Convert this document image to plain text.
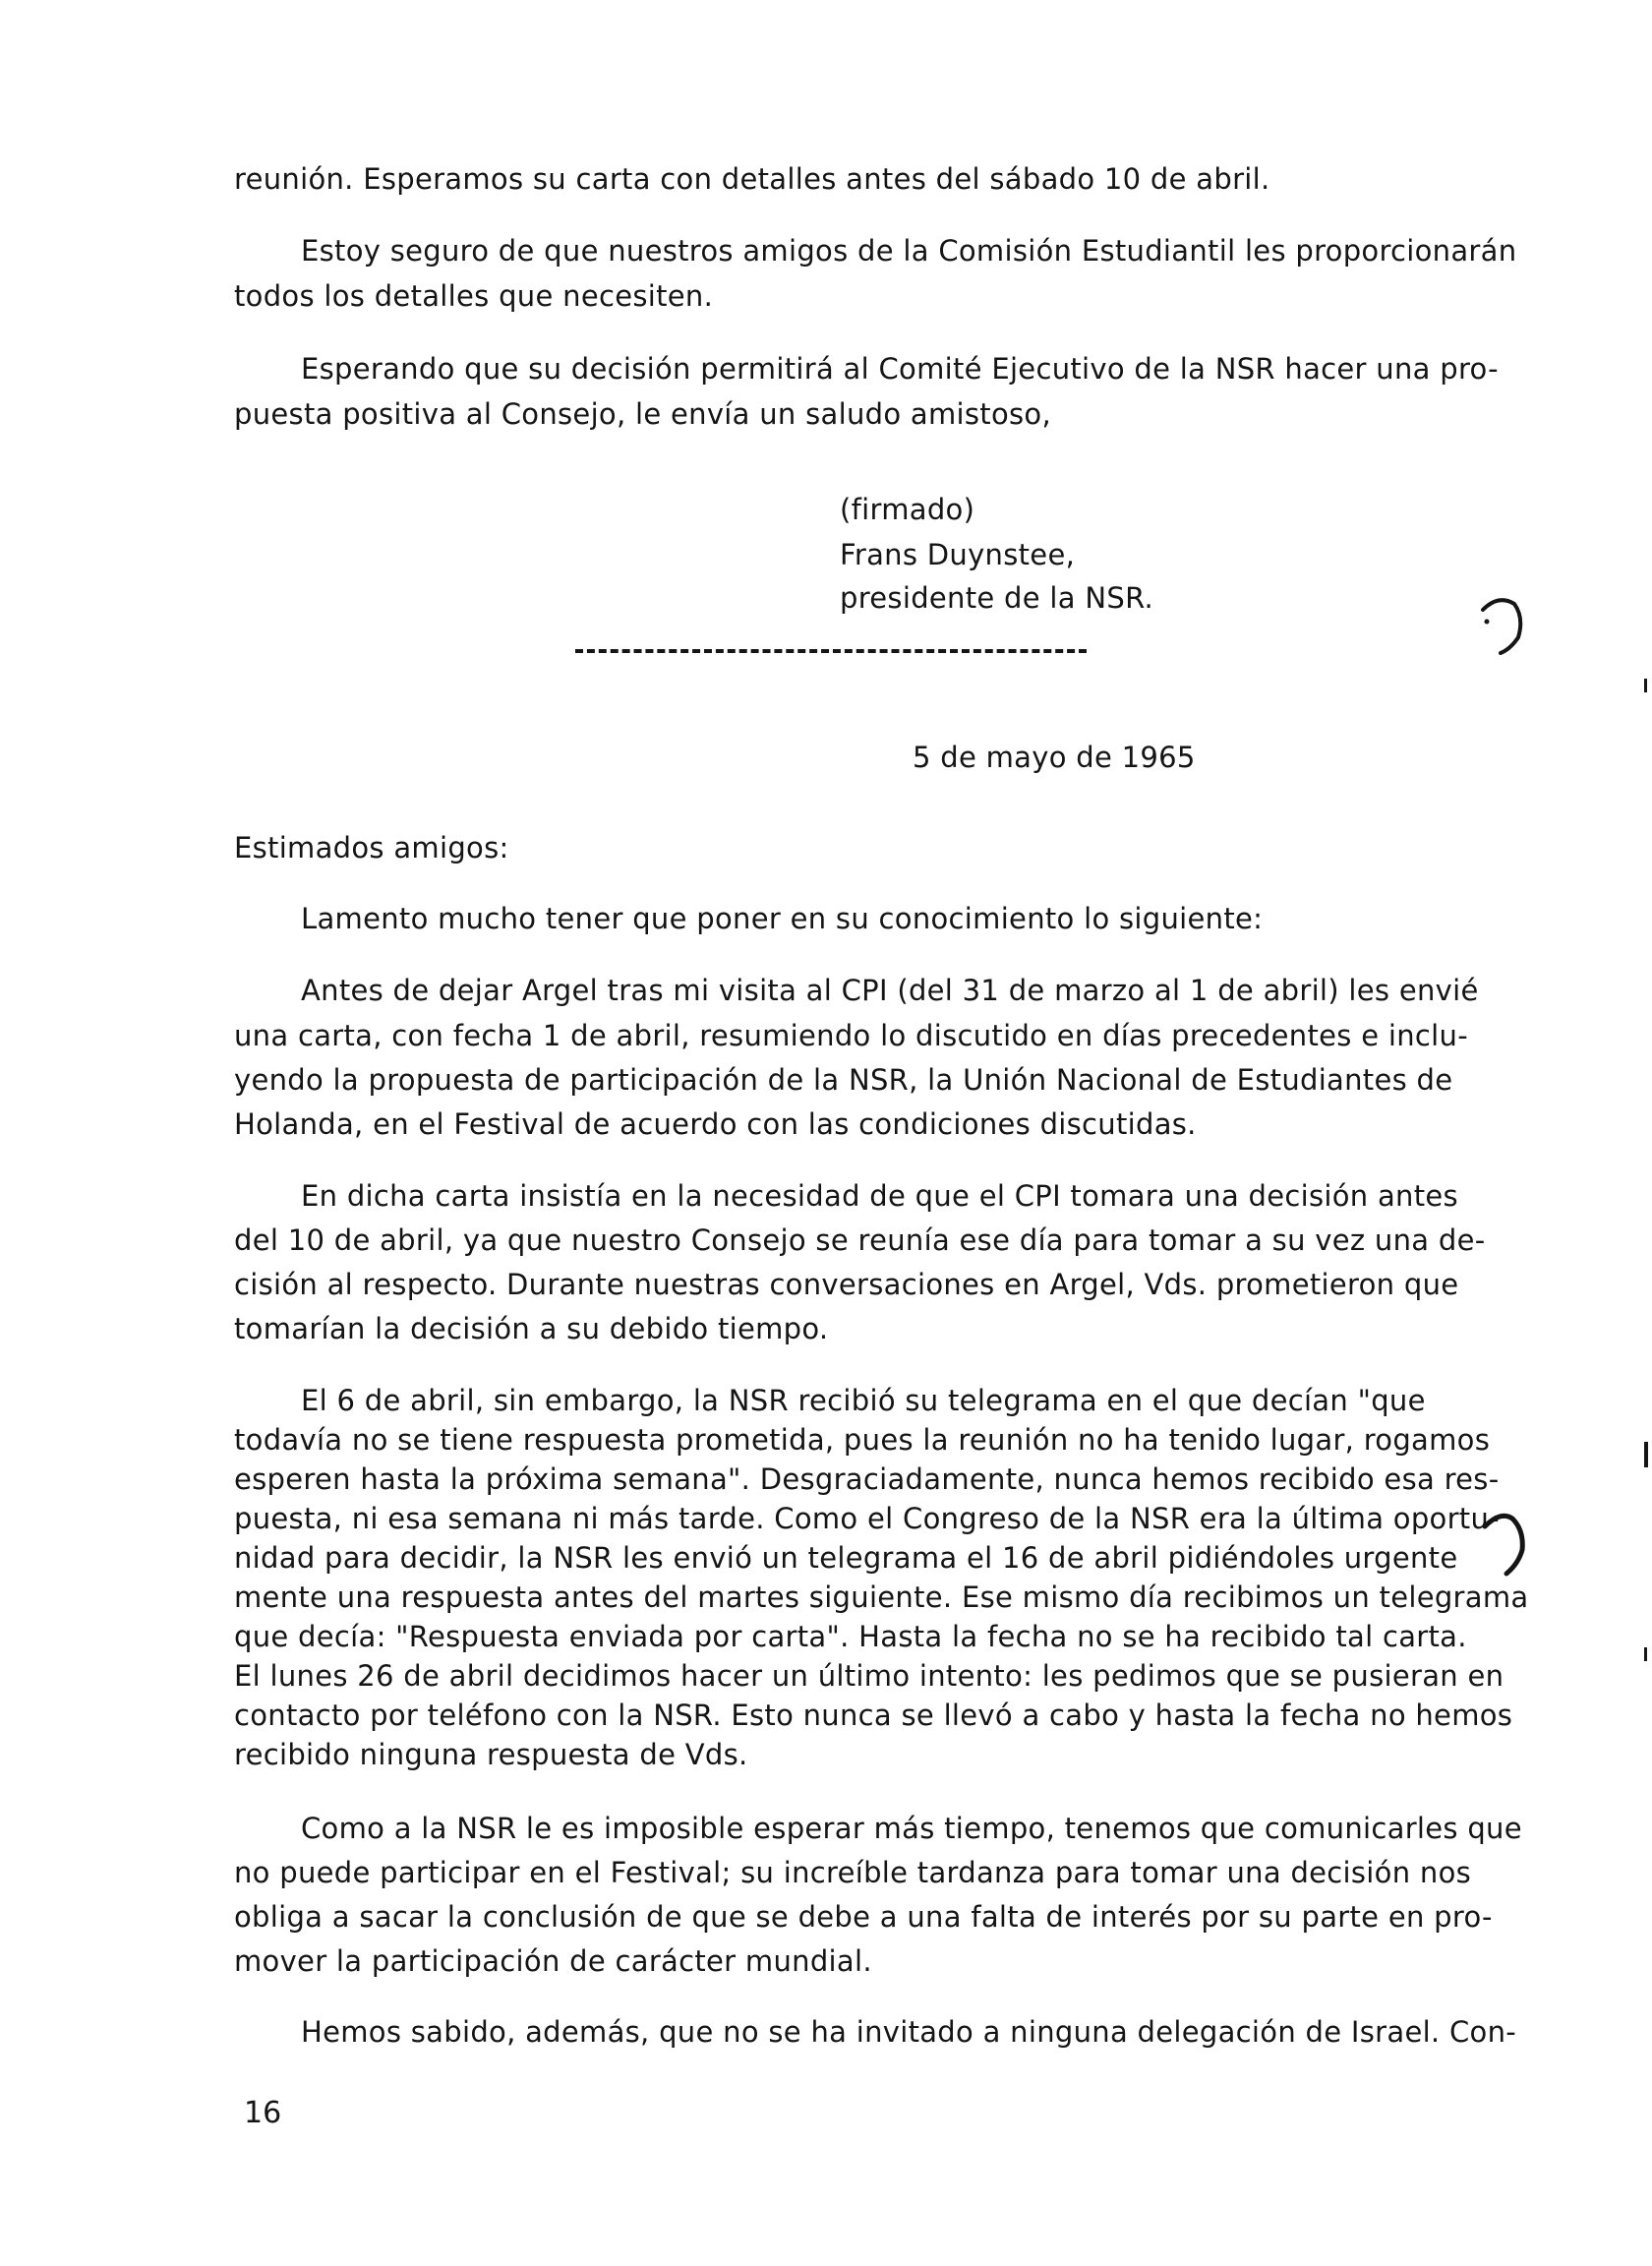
reunión. Esperamos su carta con detalles antes del sábado 10 de abril.
Estoy seguro de que nuestros amigos de la Comisión Estudiantil les proporcionarán
todos los detalles que necesiten.
Esperando que su decisión permitirá al Comité Ejecutivo de la NSR hacer una pro-
puesta positiva al Consejo, le envía un saludo amistoso,
(firmado)
Frans Duynstee,
presidente de la NSR.
5 de mayo de 1965
Estimados amigos:
Lamento mucho tener que poner en su conocimiento lo siguiente:
Antes de dejar Argel tras mi visita al CPI (del 31 de marzo al 1 de abril) les envié
una carta, con fecha 1 de abril, resumiendo lo discutido en días precedentes e inclu-
yendo la propuesta de participación de la NSR, la Unión Nacional de Estudiantes de
Holanda, en el Festival de acuerdo con las condiciones discutidas.
En dicha carta insistía en la necesidad de que el CPI tomara una decisión antes
del 10 de abril, ya que nuestro Consejo se reunía ese día para tomar a su vez una de-
cisión al respecto. Durante nuestras conversaciones en Argel, Vds. prometieron que
tomarían la decisión a su debido tiempo.
El 6 de abril, sin embargo, la NSR recibió su telegrama en el que decían "que
todavía no se tiene respuesta prometida, pues la reunión no ha tenido lugar, rogamos
esperen hasta la próxima semana". Desgraciadamente, nunca hemos recibido esa res-
puesta, ni esa semana ni más tarde. Como el Congreso de la NSR era la última oportu-
nidad para decidir, la NSR les envió un telegrama el 16 de abril pidiéndoles urgente
mente una respuesta antes del martes siguiente. Ese mismo día recibimos un telegrama
que decía: "Respuesta enviada por carta". Hasta la fecha no se ha recibido tal carta.
El lunes 26 de abril decidimos hacer un último intento: les pedimos que se pusieran en
contacto por teléfono con la NSR. Esto nunca se llevó a cabo y hasta la fecha no hemos
recibido ninguna respuesta de Vds.
Como a la NSR le es imposible esperar más tiempo, tenemos que comunicarles que
no puede participar en el Festival; su increíble tardanza para tomar una decisión nos
obliga a sacar la conclusión de que se debe a una falta de interés por su parte en pro-
mover la participación de carácter mundial.
Hemos sabido, además, que no se ha invitado a ninguna delegación de Israel. Con-
16
